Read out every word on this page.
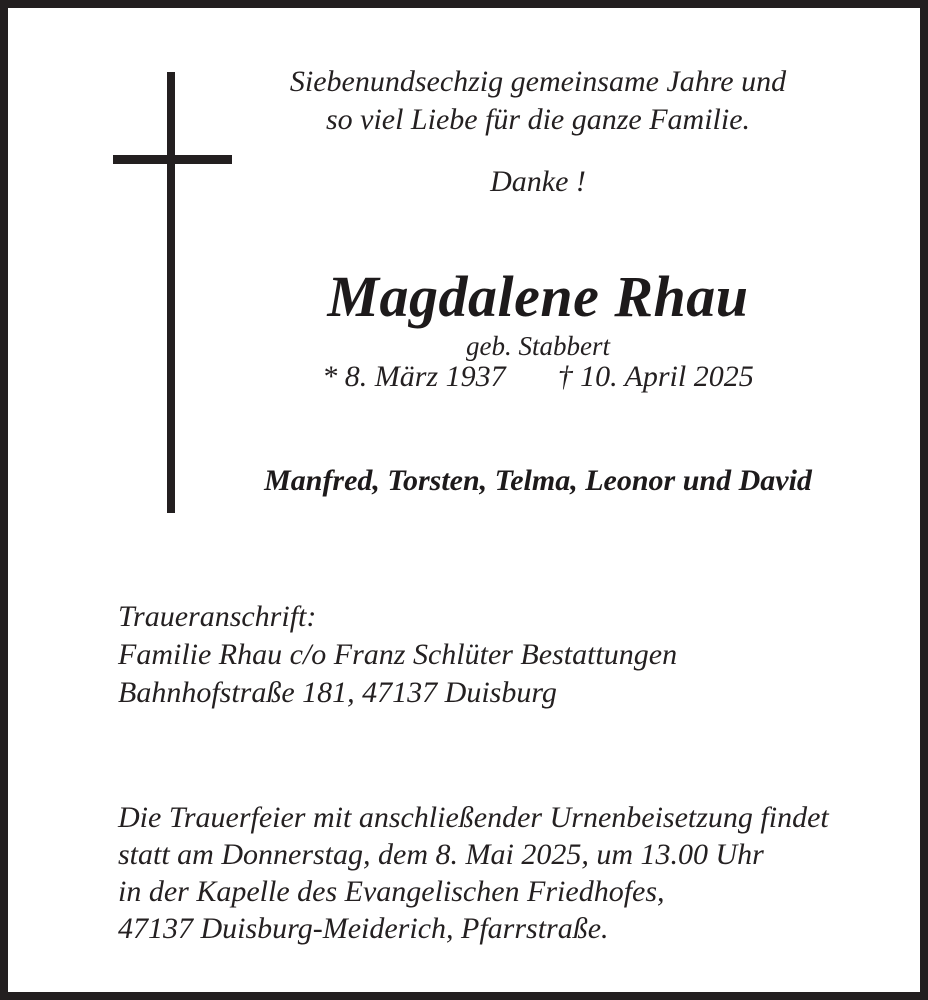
Siebenundsechzig gemeinsame Jahre und
so viel Liebe für die ganze Familie.
Danke !
Magdalene Rhau
geb. Stabbert
* 8. März 1937 † 10. April 2025
Manfred, Torsten, Telma, Leonor und David
Traueranschrift:
Familie Rhau c/o Franz Schlüter Bestattungen
Bahnhofstraße 181, 47137 Duisburg
Die Trauerfeier mit anschließender Urnenbeisetzung findet
statt am Donnerstag, dem 8. Mai 2025, um 13.00 Uhr
in der Kapelle des Evangelischen Friedhofes,
47137 Duisburg-Meiderich, Pfarrstraße.
